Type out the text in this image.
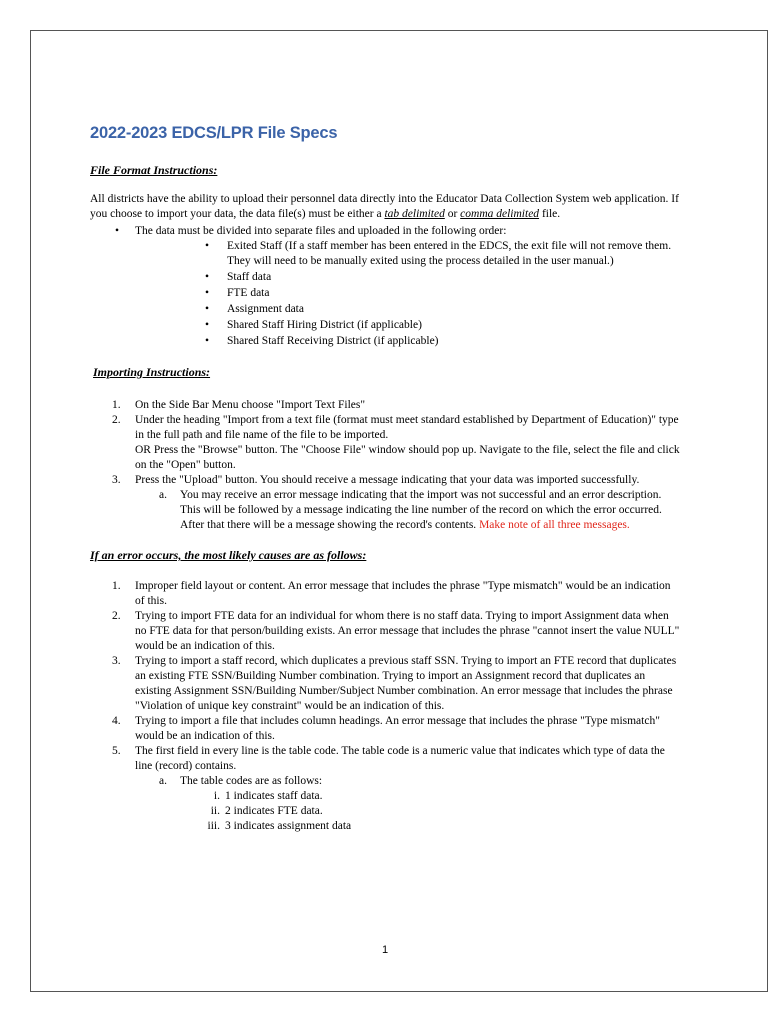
2022-2023 EDCS/LPR File Specs
File Format Instructions:

All districts have the ability to upload their personnel data directly into the Educator Data Collection System web application. If you choose to import your data, the data file(s) must be either a tab delimited or comma delimited file.

• The data must be divided into separate files and uploaded in the following order:
• Exited Staff (If a staff member has been entered in the EDCS, the exit file will not remove them. They will need to be manually exited using the process detailed in the user manual.)
• Staff data
• FTE data
• Assignment data
• Shared Staff Hiring District (if applicable)
• Shared Staff Receiving District (if applicable)
Importing Instructions:
1. On the Side Bar Menu choose "Import Text Files"
2. Under the heading "Import from a text file (format must meet standard established by Department of Education)" type in the full path and file name of the file to be imported.
OR Press the "Browse" button. The "Choose File" window should pop up. Navigate to the file, select the file and click on the "Open" button.
3. Press the "Upload" button. You should receive a message indicating that your data was imported successfully.
a. You may receive an error message indicating that the import was not successful and an error description. This will be followed by a message indicating the line number of the record on which the error occurred. After that there will be a message showing the record's contents. Make note of all three messages.
If an error occurs, the most likely causes are as follows:
1. Improper field layout or content. An error message that includes the phrase "Type mismatch" would be an indication of this.
2. Trying to import FTE data for an individual for whom there is no staff data. Trying to import Assignment data when no FTE data for that person/building exists. An error message that includes the phrase "cannot insert the value NULL" would be an indication of this.
3. Trying to import a staff record, which duplicates a previous staff SSN. Trying to import an FTE record that duplicates an existing FTE SSN/Building Number combination. Trying to import an Assignment record that duplicates an existing Assignment SSN/Building Number/Subject Number combination. An error message that includes the phrase "Violation of unique key constraint" would be an indication of this.
4. Trying to import a file that includes column headings. An error message that includes the phrase "Type mismatch" would be an indication of this.
5. The first field in every line is the table code. The table code is a numeric value that indicates which type of data the line (record) contains.
a. The table codes are as follows:
i. 1 indicates staff data.
ii. 2 indicates FTE data.
iii. 3 indicates assignment data
1
